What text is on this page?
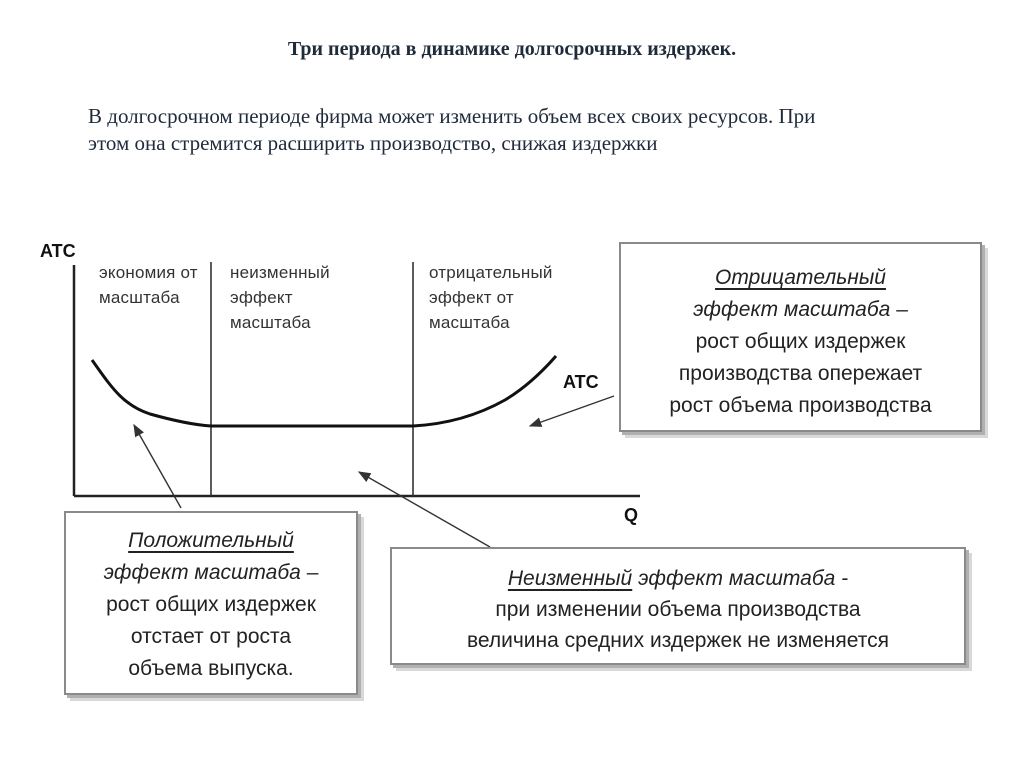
Три периода в динамике долгосрочных издержек.
В долгосрочном периоде фирма может изменить объем всех своих ресурсов. При
этом она стремится расширить производство, снижая издержки
ATC
Q
ATC
экономия от
масштаба
неизменный
эффект
масштаба
отрицательный
эффект от
масштаба
Отрицательный
эффект масштаба –
рост общих издержек
производства опережает
рост объема производства
Положительный
эффект масштаба –
рост общих издержек
отстает от роста
объема выпуска.
Неизменный эффект масштаба -
при изменении объема производства
величина средних издержек не изменяется
